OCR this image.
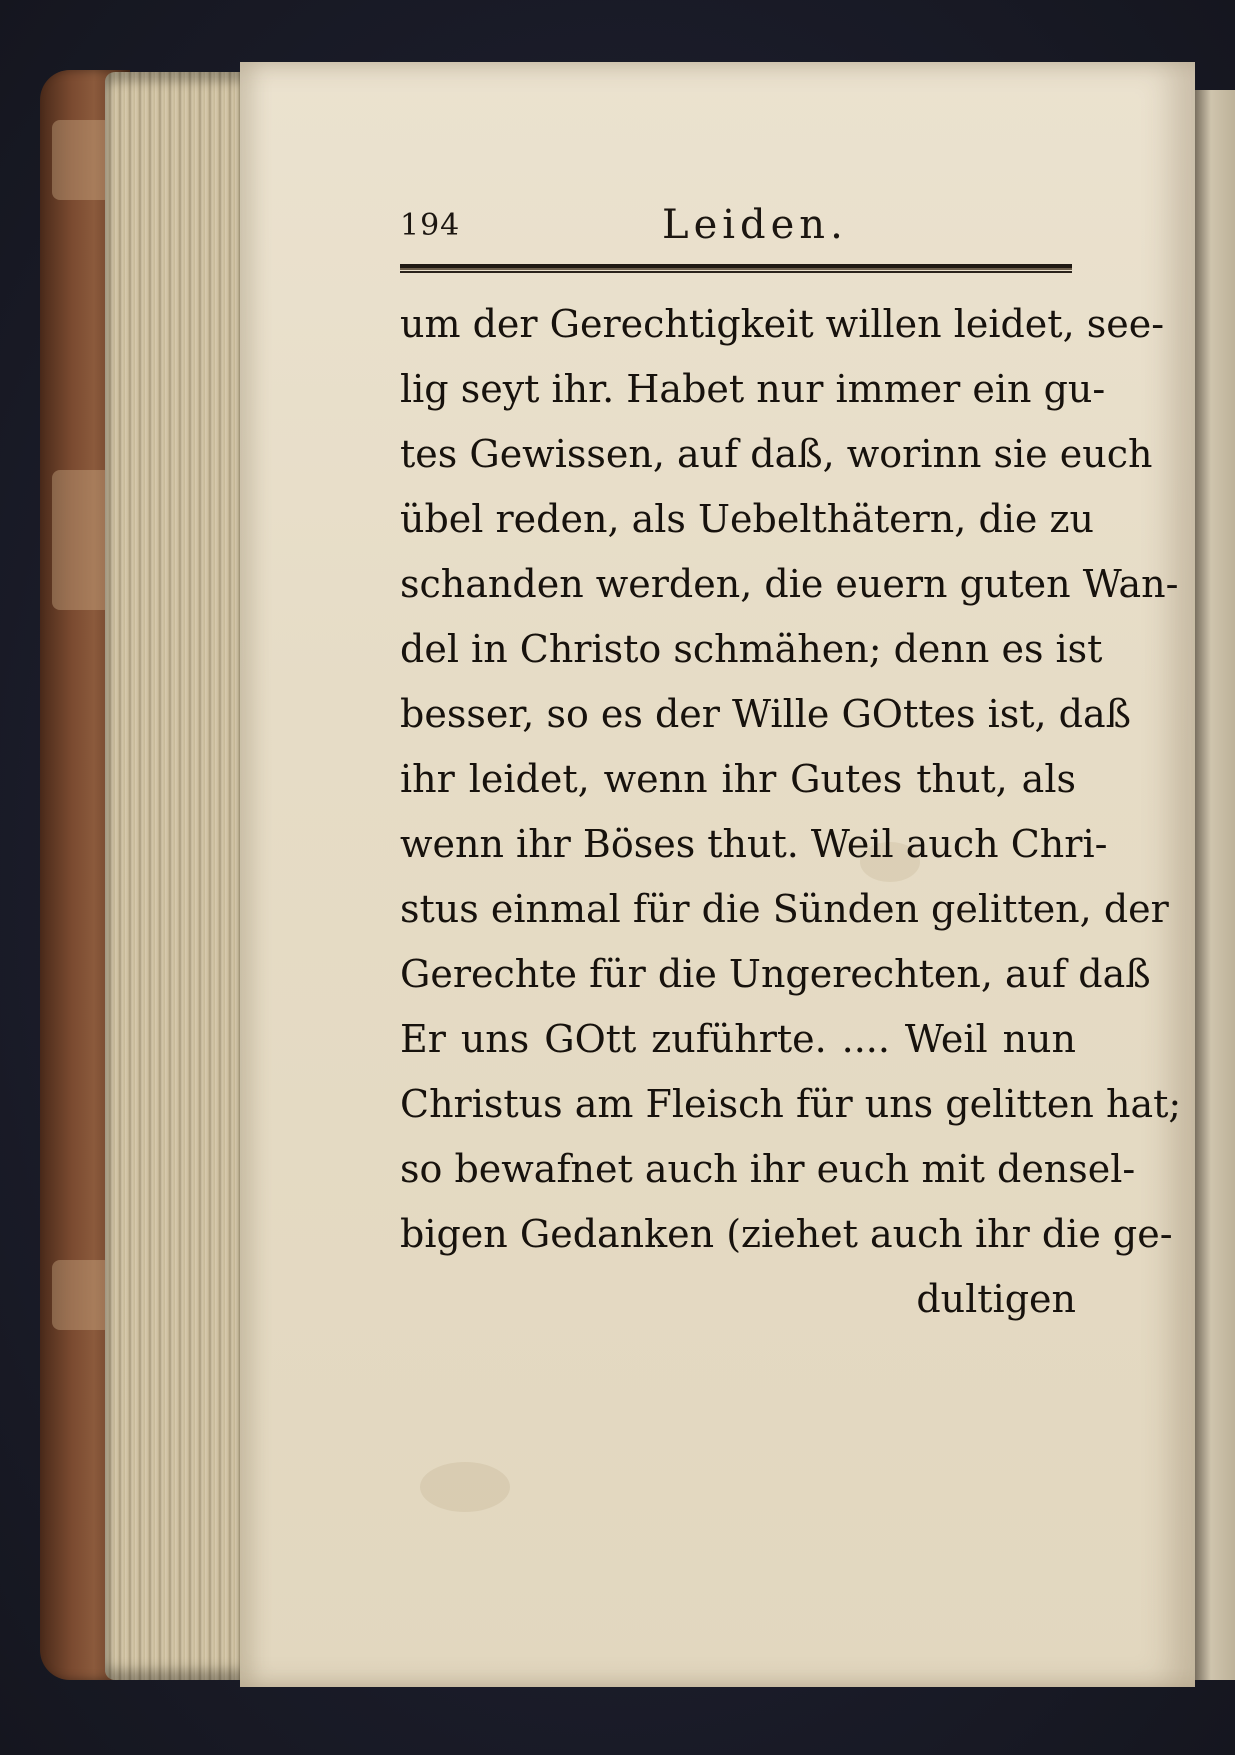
194	Leiden.
um der Gerechtigkeit willen leidet, see-
lig seyt ihr. Habet nur immer ein gu-
tes Gewissen, auf daß, worinn sie euch
übel reden, als Uebelthätern, die zu
schanden werden, die euern guten Wan-
del in Christo schmähen; denn es ist
besser, so es der Wille GOttes ist, daß
ihr leidet, wenn ihr Gutes thut, als
wenn ihr Böses thut. Weil auch Chri-
stus einmal für die Sünden gelitten, der
Gerechte für die Ungerechten, auf daß
Er uns GOtt zuführte. .... Weil nun
Christus am Fleisch für uns gelitten hat;
so bewafnet auch ihr euch mit densel-
bigen Gedanken (ziehet auch ihr die ge-
dultigen
